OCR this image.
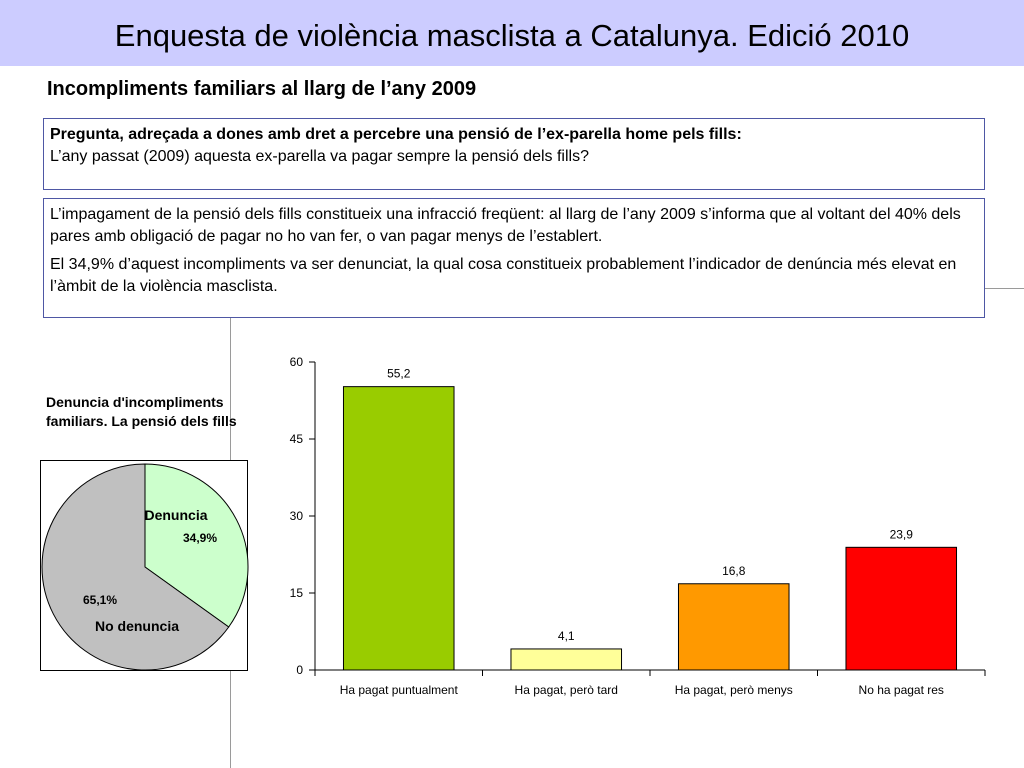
Enquesta de violència masclista a Catalunya. Edició 2010
Incompliments familiars al llarg de l’any 2009

Pregunta, adreçada a dones amb dret a percebre una pensió de l’ex-parella home pels fills:

L’any passat (2009) aquesta ex-parella va pagar sempre la pensió dels fills?

L’impagament de la pensió dels fills constitueix una infracció freqüent: al llarg de l’any 2009 s’informa que al voltant del 40% dels pares amb obligació de pagar no ho van fer, o van pagar menys de l’establert.

El 34,9% d’aquest incompliments va ser denunciat, la qual cosa constitueix probablement l’indicador de denúncia més elevat en l’àmbit de la violència masclista.

Denuncia d'incompliments familiars. La pensió dels fills
Denuncia
34,9%
No denuncia
65,1%
0
15
30
45
60
55,2
Ha pagat puntualment
4,1
Ha pagat, però tard
16,8
Ha pagat, però menys
23,9
No ha pagat res
